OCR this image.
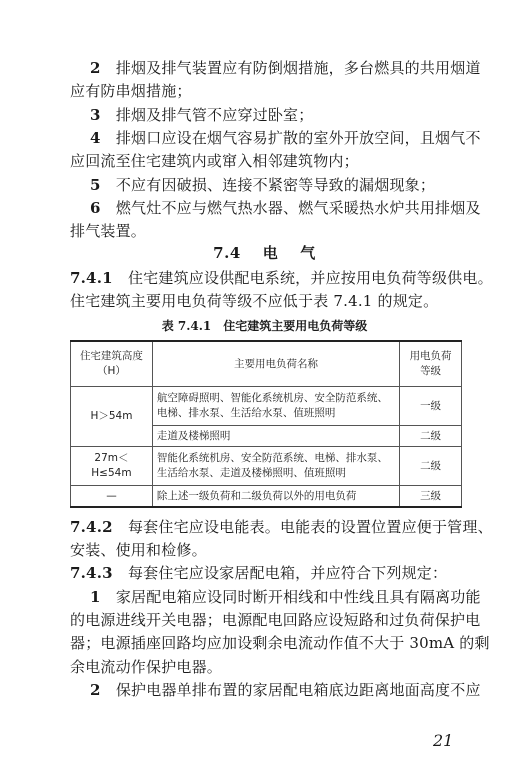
2　 排烟及排气装置应有防倒烟措施，多台燃具的共用烟道

应有防串烟措施；

3　 排烟及排气管不应穿过卧室；

4　 排烟口应设在烟气容易扩散的室外开放空间，且烟气不

应回流至住宅建筑内或窜入相邻建筑物内；

5　 不应有因破损、连接不紧密等导致的漏烟现象；

6　 燃气灶不应与燃气热水器、燃气采暖热水炉共用排烟及

排气装置。

7.4 电 气

7.4.1　 住宅建筑应设供配电系统，并应按用电负荷等级供电。

住宅建筑主要用电负荷等级不应低于表 7.4.1 的规定。

表 7.4.1　住宅建筑主要用电负荷等级
住宅建筑高度
（H）	主要用电负荷名称	用电负荷
等级
H＞54m	航空障碍照明、智能化系统机房、安全防范系统、
电梯、排水泵、生活给水泵、值班照明	一级
	走道及楼梯照明	二级
27m＜H≤54m	智能化系统机房、安全防范系统、电梯、排水泵、
生活给水泵、走道及楼梯照明、值班照明	二级
—	除上述一级负荷和二级负荷以外的用电负荷	三级

7.4.2　 每套住宅应设电能表。电能表的设置位置应便于管理、

安装、使用和检修。

7.4.3　 每套住宅应设家居配电箱，并应符合下列规定：

1　 家居配电箱应设同时断开相线和中性线且具有隔离功能

的电源进线开关电器；电源配电回路应设短路和过负荷保护电

器；电源插座回路均应加设剩余电流动作值不大于 30mA 的剩

余电流动作保护电器。

2　 保护电器单排布置的家居配电箱底边距离地面高度不应

21
